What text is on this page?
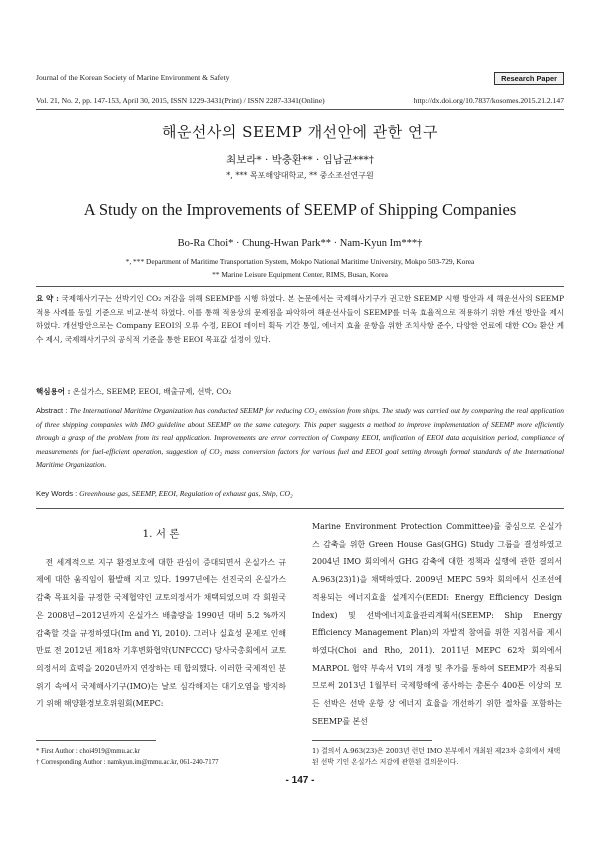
Journal of the Korean Society of Marine Environment & Safety	Research Paper
Vol. 21, No. 2, pp. 147-153, April 30, 2015, ISSN 1229-3431(Print) / ISSN 2287-3341(Online)	http://dx.doi.org/10.7837/kosomes.2015.21.2.147
해운선사의 SEEMP 개선안에 관한 연구
최보라* · 박충환** · 임남균***†
*, *** 목포해양대학교, ** 중소조선연구원
A Study on the Improvements of SEEMP of Shipping Companies
Bo-Ra Choi* · Chung-Hwan Park** · Nam-Kyun Im***†
*, *** Department of Maritime Transportation System, Mokpo National Maritime University, Mokpo 503-729, Korea
** Marine Leisure Equipment Center, RIMS, Busan, Korea
요 약 : 국제해사기구는 선박기인 CO₂ 저감을 위해 SEEMP를 시행 하였다. 본 논문에서는 국제해사기구가 권고한 SEEMP 시행 방안과 세 해운선사의 SEEMP 적용 사례를 동일 기준으로 비교·분석 하였다. 이를 통해 적용상의 문제점을 파악하여 해운선사들이 SEEMP를 더욱 효율적으로 적용하기 위한 개선 방안을 제시하였다. 개선방안으로는 Company EEOI의 오류 수정, EEOI 데이터 획득 기간 통일, 에너지 효율 운항을 위한 조치사항 준수, 다양한 연료에 대한 CO₂ 환산 계수 제시, 국제해사기구의 공식적 기준을 통한 EEOI 목표값 설정이 있다.
핵심용어 : 온실가스, SEEMP, EEOI, 배출규제, 선박, CO₂
Abstract : The International Maritime Organization has conducted SEEMP for reducing CO₂ emission from ships. The study was carried out by comparing the real application of three shipping companies with IMO guideline about SEEMP on the same category. This paper suggests a method to improve implementation of SEEMP more efficiently through a grasp of the problem from its real application. Improvements are error correction of Company EEOI, unification of EEOI data acquisition period, compliance of measurements for fuel-efficient operation, suggestion of CO₂ mass conversion factors for various fuel and EEOI goal setting through formal standards of the International Maritime Organization.
Key Words : Greenhouse gas, SEEMP, EEOI, Regulation of exhaust gas, Ship, CO₂
1. 서 론
전 세계적으로 지구 환경보호에 대한 관심이 증대되면서 온실가스 규제에 대한 움직임이 활발해 지고 있다. 1997년에는 선진국의 온실가스 감축 목표치를 규정한 국제협약인 교토의정서가 채택되었으며 각 회원국은 2008년~2012년까지 온실가스 배출량을 1990년 대비 5.2 %까지 감축할 것을 규정하였다(Im and Yi, 2010). 그러나 실효성 문제로 인해 만료 전 2012년 제18차 기후변화협약(UNFCCC) 당사국총회에서 교토의정서의 효력을 2020년까지 연장하는 데 합의했다. 이러한 국제적인 분위기 속에서 국제해사기구(IMO)는 날로 심각해지는 대기오염을 방지하기 위해 해양환경보호위원회(MEPC:
Marine Environment Protection Committee)를 중심으로 온실가스 감축을 위한 Green House Gas(GHG) Study 그룹을 결성하였고 2004년 IMO 회의에서 GHG 감축에 대한 정책과 실행에 관한 결의서 A.963(23)1)을 채택하였다. 2009년 MEPC 59차 회의에서 신조선에 적용되는 에너지효율 설계지수(EEDI: Energy Efficiency Design Index) 및 선박에너지효율관리계획서(SEEMP: Ship Energy Efficiency Management Plan)의 자발적 참여를 위한 지침서를 제시하였다(Choi and Rho, 2011). 2011년 MEPC 62차 회의에서 MARPOL 협약 부속서 VI의 개정 및 추가를 통하여 SEEMP가 적용되므로써 2013년 1월부터 국제항해에 종사하는 총톤수 400톤 이상의 모든 선박은 선박 운항 상 에너지 효율을 개선하기 위한 절차를 포함하는 SEEMP를 본선
* First Author : choi4919@mmu.ac.kr
† Corresponding Author : namkyun.im@mmu.ac.kr, 061-240-7177
1) 결의서 A.963(23)은 2003년 런던 IMO 본부에서 개최된 제23차 총회에서 채택된 선박 기인 온실가스 저감에 관한된 결의문이다.
- 147 -
